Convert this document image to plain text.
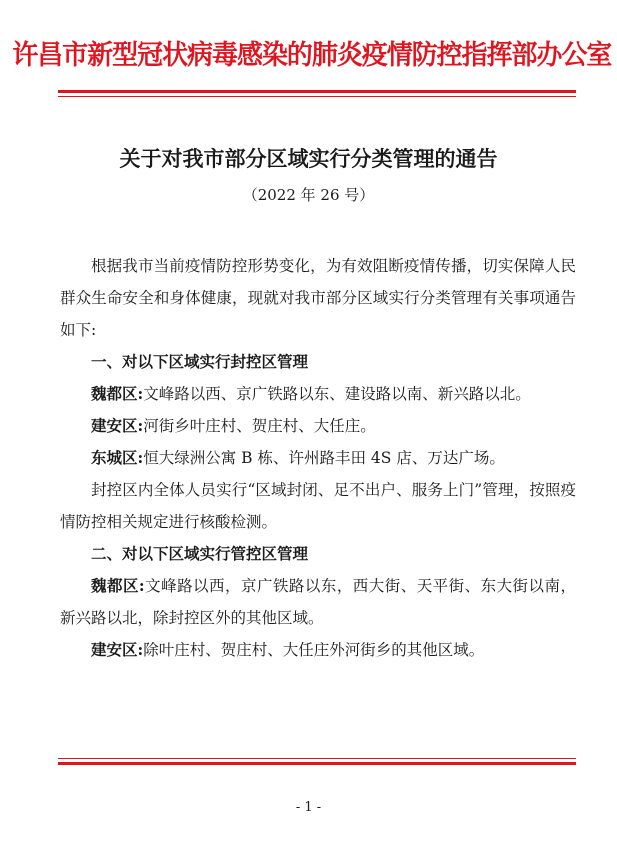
许昌市新型冠状病毒感染的肺炎疫情防控指挥部办公室
关于对我市部分区域实行分类管理的通告
（2022 年 26 号）

根据我市当前疫情防控形势变化，为有效阻断疫情传播，切实保障人民群众生命安全和身体健康，现就对我市部分区域实行分类管理有关事项通告如下:

一、对以下区域实行封控区管理

魏都区:文峰路以西、京广铁路以东、建设路以南、新兴路以北。

建安区:河街乡叶庄村、贺庄村、大任庄。

东城区:恒大绿洲公寓 B 栋、许州路丰田 4S 店、万达广场。

封控区内全体人员实行“区域封闭、足不出户、服务上门”管理，按照疫情防控相关规定进行核酸检测。

二、对以下区域实行管控区管理

魏都区:文峰路以西，京广铁路以东，西大街、天平街、东大街以南，新兴路以北，除封控区外的其他区域。

建安区:除叶庄村、贺庄村、大任庄外河街乡的其他区域。

- 1 -
